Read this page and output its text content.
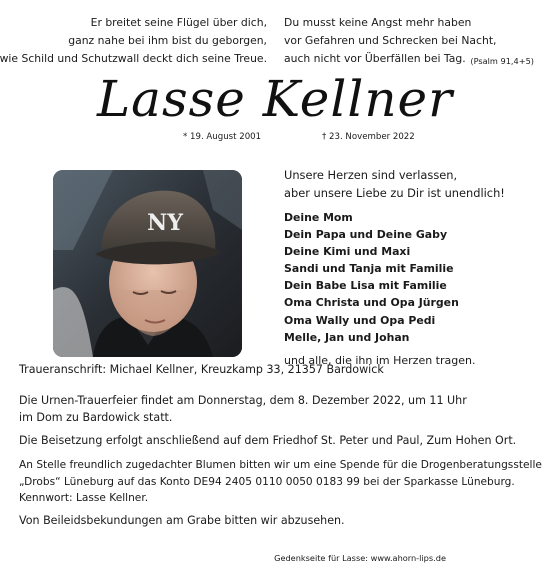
Er breitet seine Flügel über dich,
ganz nahe bei ihm bist du geborgen,
wie Schild und Schutzwall deckt dich seine Treue.
Du musst keine Angst mehr haben
vor Gefahren und Schrecken bei Nacht,
auch nicht vor Überfällen bei Tag. (Psalm 91,4+5)
Lasse Kellner
* 19. August 2001	† 23. November 2022
NY
Unsere Herzen sind verlassen,
aber unsere Liebe zu Dir ist unendlich!
Deine Mom
Dein Papa und Deine Gaby
Deine Kimi und Maxi
Sandi und Tanja mit Familie
Dein Babe Lisa mit Familie
Oma Christa und Opa Jürgen
Oma Wally und Opa Pedi
Melle, Jan und Johan
und alle, die ihn im Herzen tragen.
Traueranschrift: Michael Kellner, Kreuzkamp 33, 21357 Bardowick
Die Urnen-Trauerfeier findet am Donnerstag, dem 8. Dezember 2022, um 11 Uhr
im Dom zu Bardowick statt.
Die Beisetzung erfolgt anschließend auf dem Friedhof St. Peter und Paul, Zum Hohen Ort.
An Stelle freundlich zugedachter Blumen bitten wir um eine Spende für die Drogenberatungsstelle
„Drobs“ Lüneburg auf das Konto DE94 2405 0110 0050 0183 99 bei der Sparkasse Lüneburg.
Kennwort: Lasse Kellner.
Von Beileidsbekundungen am Grabe bitten wir abzusehen.
Gedenkseite für Lasse: www.ahorn-lips.de
